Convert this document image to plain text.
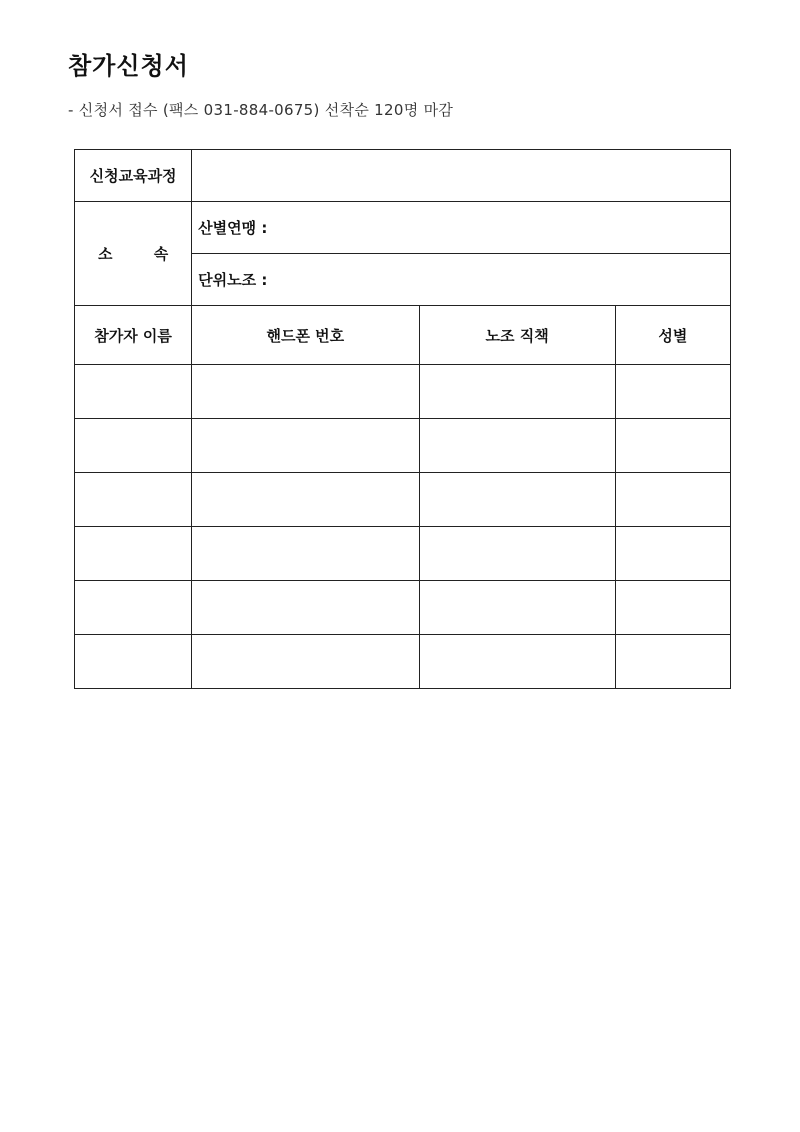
참가신청서
- 신청서 접수 (팩스 031-884-0675) 선착순 120명 마감
신청교육과정			
소 속	산별연맹 :		
	단위노조 :		
참가자 이름	핸드폰 번호	노조 직책	성별
